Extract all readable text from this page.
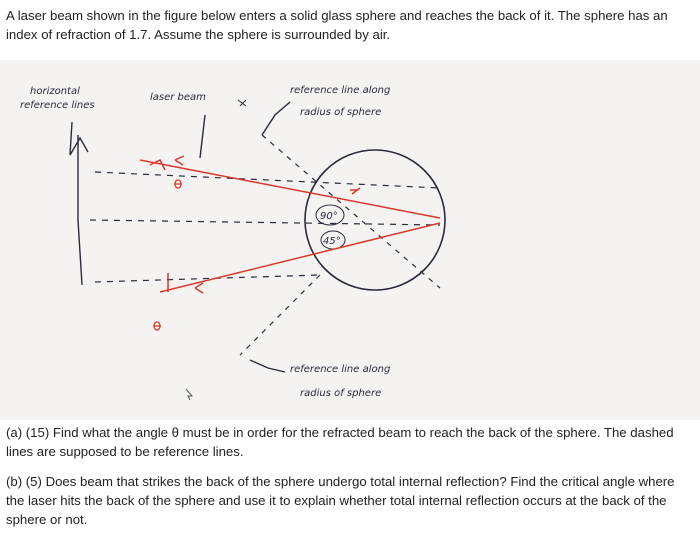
A laser beam shown in the figure below enters a solid glass sphere and reaches the back of it. The sphere has an index of refraction of 1.7. Assume the sphere is surrounded by air.

horizontal
reference lines
laser beam
reference line along
radius of sphere
reference line along
radius of sphere
90°
45°

(a) (15) Find what the angle θ must be in order for the refracted beam to reach the back of the sphere. The dashed lines are supposed to be reference lines.

(b) (5) Does beam that strikes the back of the sphere undergo total internal reflection? Find the critical angle where the laser hits the back of the sphere and use it to explain whether total internal reflection occurs at the back of the sphere or not.
